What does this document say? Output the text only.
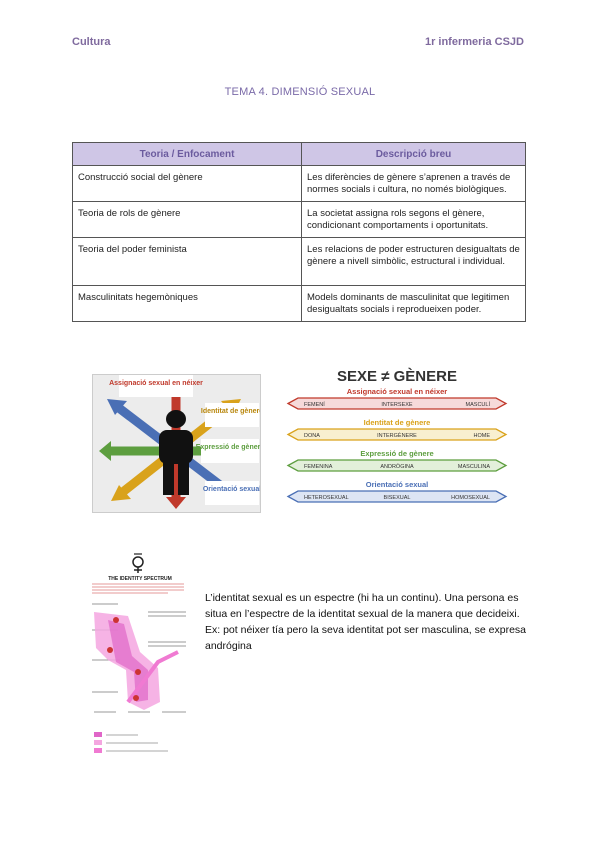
Cultura	1r infermeria CSJD
TEMA 4. DIMENSIÓ SEXUAL
Teoria / Enfocament	Descripció breu
Construcció social del gènere	Les diferències de gènere s’aprenen a través de normes socials i cultura, no només biològiques.
Teoria de rols de gènere	La societat assigna rols segons el gènere, condicionant comportaments i oportunitats.
Teoria del poder feminista	Les relacions de poder estructuren desigualtats de gènere a nivell simbòlic, estructural i individual.
Masculinitats hegemòniques	Models dominants de masculinitat que legitimen desigualtats socials i reprodueixen poder.
Assignació sexual en néixer
Identitat de gènere
Expressió de gènere
Orientació sexual
SEXE ≠ GÈNERE
Assignació sexual en néixer
FEMENÍ	INTERSEXE	MASCULÍ
Identitat de gènere
DONA	INTERGÈNERE	HOME
Expressió de gènere
FEMENINA	ANDRÒGINA	MASCULINA
Orientació sexual
HETEROSEXUAL	BISEXUAL	HOMOSEXUAL
THE IDENTITY SPECTRUM
L’identitat sexual es un espectre (hi ha un continu). Una persona es situa en l’espectre de la identitat sexual de la manera que decideixi. Ex: pot néixer tía pero la seva identitat pot ser masculina, se expresa andrógina
